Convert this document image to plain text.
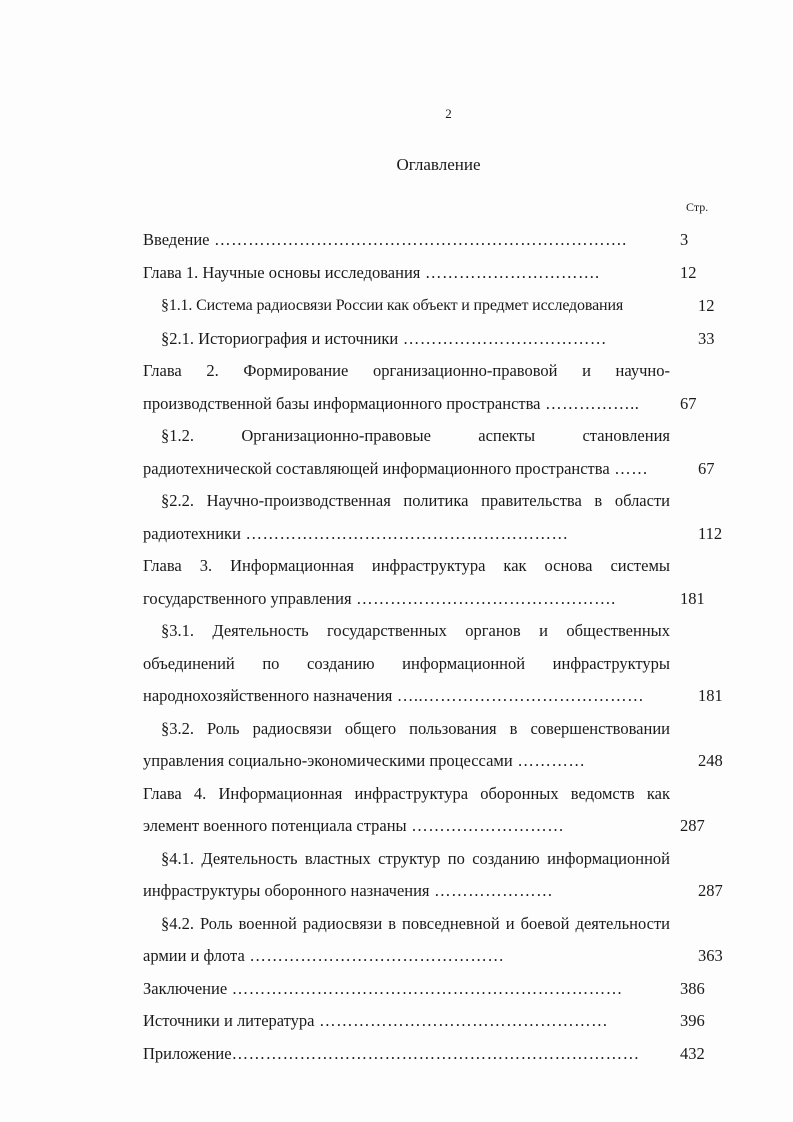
2
Оглавление
Стр.
Введение ……………………………………………………………….	3
Глава 1. Научные основы исследования ………………………….	12
§1.1. Система радиосвязи России как объект и предмет исследования	12
§2.1. Историография и источники ………………………………	33
Глава 2. Формирование организационно-правовой и научно-производственной базы информационного пространства …………….. 67
§1.2. Организационно-правовые аспекты становления радиотехнической составляющей информационного пространства ……	67
§2.2. Научно-производственная политика правительства в области радиотехники …………………………………………………	112
Глава 3. Информационная инфраструктура как основа системы государственного управления ……………………………………….	181
§3.1. Деятельность государственных органов и общественных объединений по созданию информационной инфраструктуры народнохозяйственного назначения …..…………………………………	181
§3.2. Роль радиосвязи общего пользования в совершенствовании управления социально-экономическими процессами …………	248
Глава 4. Информационная инфраструктура оборонных ведомств как элемент военного потенциала страны ………………………	287
§4.1. Деятельность властных структур по созданию информационной инфраструктуры оборонного назначения …………………	287
§4.2. Роль военной радиосвязи в повседневной и боевой деятельности армии и флота ………………………………………	363
Заключение ……………………………………………………………	386
Источники и литература ……………………………………………	396
Приложение……………………………………………………………… 432
